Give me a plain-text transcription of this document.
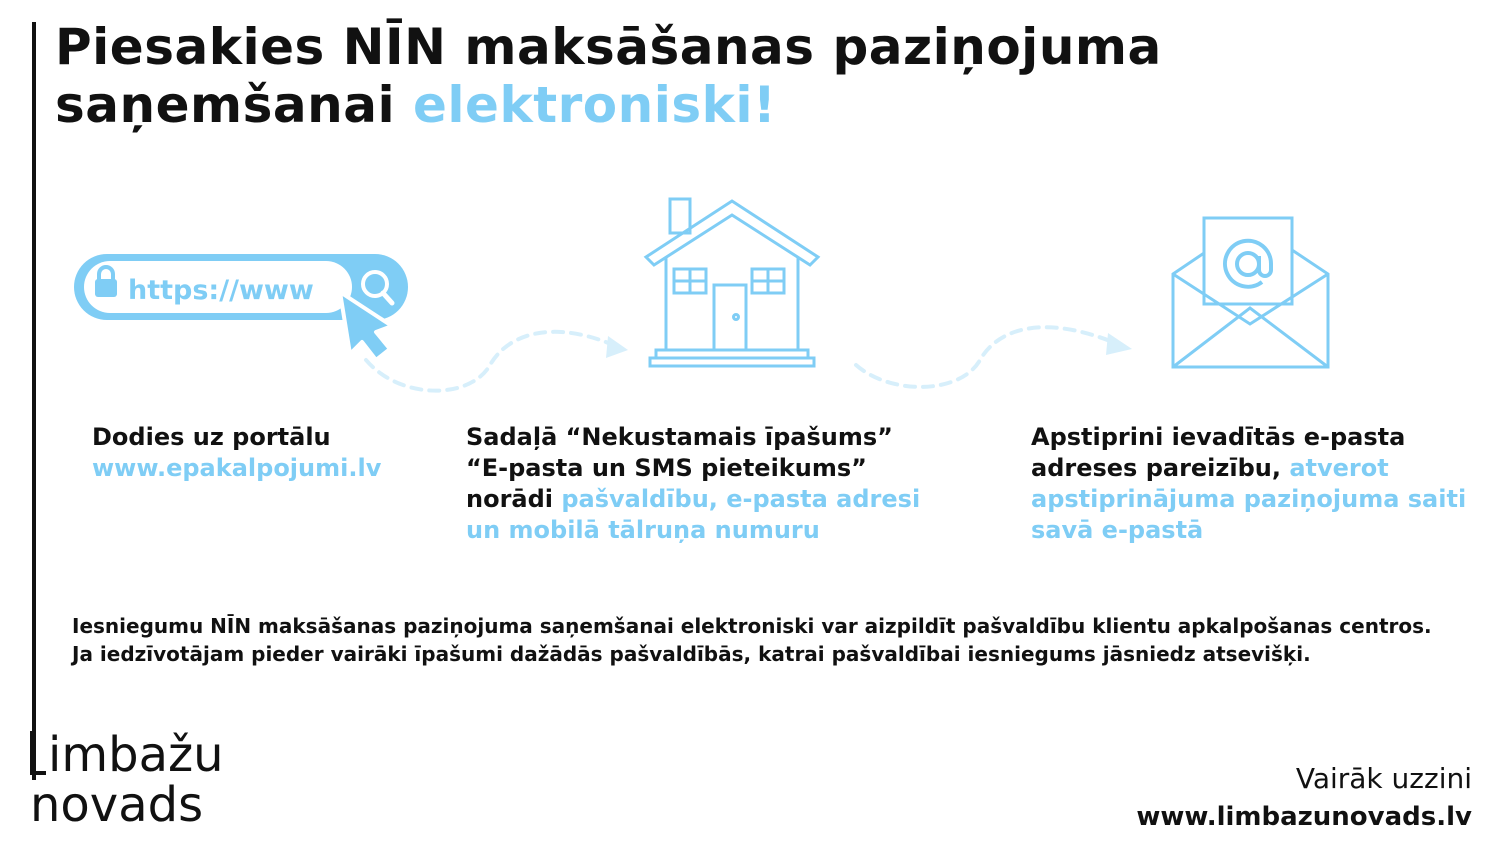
Piesakies NĪN maksāšanas paziņojuma
saņemšanai elektroniski!
https://www
Dodies uz portālu
www.epakalpojumi.lv
Sadaļā “Nekustamais īpašums”
“E-pasta un SMS pieteikums”
norādi pašvaldību, e-pasta adresi
un mobilā tālruņa numuru
Apstiprini ievadītās e-pasta
adreses pareizību, atverot
apstiprinājuma paziņojuma saiti
savā e-pastā

Iesniegumu NĪN maksāšanas paziņojuma saņemšanai elektroniski var aizpildīt pašvaldību klientu apkalpošanas centros. Ja iedzīvotājam pieder vairāki īpašumi dažādās pašvaldībās, katrai pašvaldībai iesniegums jāsniedz atsevišķi.

imbažu
novads	Vairāk uzzini
www.limbazunovads.lv
